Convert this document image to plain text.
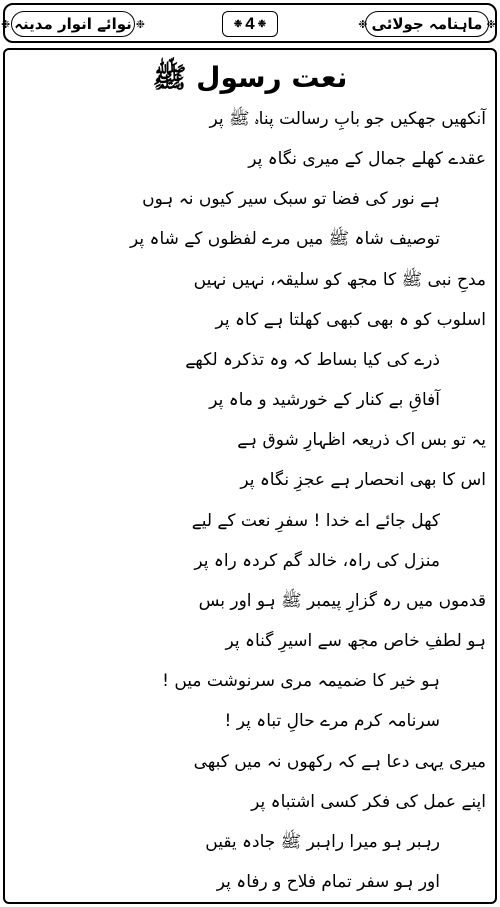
❉
ماہنامہ جولائی
❉
❉ 4 ❉
❉
نوائے انوار مدینہ
❉
نعت رسول ﷺ
آنکھیں جھکیں جو بابِ رسالت پناہ ﷺ پر
عقدے کھلے جمال کے میری نگاہ پر
ہے نور کی فضا تو سبک سیر کیوں نہ ہوں
توصیف شاہ ﷺ میں مرے لفظوں کے شاہ پر
مدحِ نبی ﷺ کا مجھ کو سلیقہ، نہیں نہیں
اسلوب کو ہ بھی کبھی کھلتا ہے کاہ پر
ذرے کی کیا بساط کہ وہ تذکرہ لکھے
آفاقِ بے کنار کے خورشید و ماہ پر
یہ تو بس اک ذریعہ اظہارِ شوق ہے
اس کا بھی انحصار ہے عجزِ نگاہ پر
کھل جائے اے خدا ! سفرِ نعت کے لیے
منزل کی راہ، خالد گم کردہ راہ پر
قدموں میں رہ گزارِ پیمبر ﷺ ہو اور بس
ہو لطفِ خاص مجھ سے اسیرِ گناہ پر
ہو خیر کا ضمیمہ مری سرنوشت میں !
سرنامہ کرم مرے حالِ تباہ پر !
میری یہی دعا ہے کہ رکھوں نہ میں کبھی
اپنے عمل کی فکر کسی اشتباہ پر
رہبر ہو میرا راہبر ﷺ جادہ یقیں
اور ہو سفر تمام فلاح و رفاہ پر
